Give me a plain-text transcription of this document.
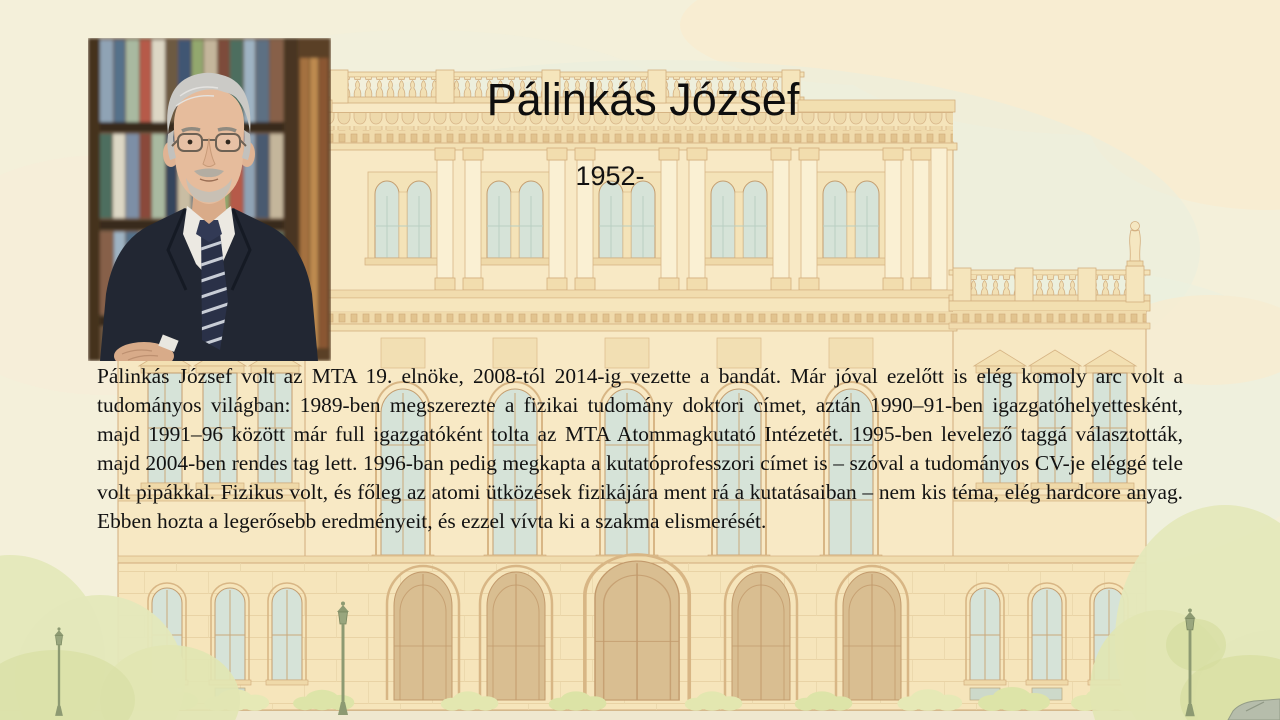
Pálinkás József
1952-

Pálinkás József volt az MTA 19. elnöke, 2008-tól 2014-ig vezette a bandát. Már jóval ezelőtt is elég komoly arc volt a tudományos világban: 1989-ben megszerezte a fizikai tudomány doktori címet, aztán 1990–91-ben igazgatóhelyettesként, majd 1991–96 között már full igazgatóként tolta az MTA Atommagkutató Intézetét. 1995-ben levelező taggá választották, majd 2004-ben rendes tag lett. 1996-ban pedig megkapta a kutatóprofesszori címet is – szóval a tudományos CV-je eléggé tele volt pipákkal. Fizikus volt, és főleg az atomi ütközések fizikájára ment rá a kutatásaiban – nem kis téma, elég hardcore anyag. Ebben hozta a legerősebb eredményeit, és ezzel vívta ki a szakma elismerését.
